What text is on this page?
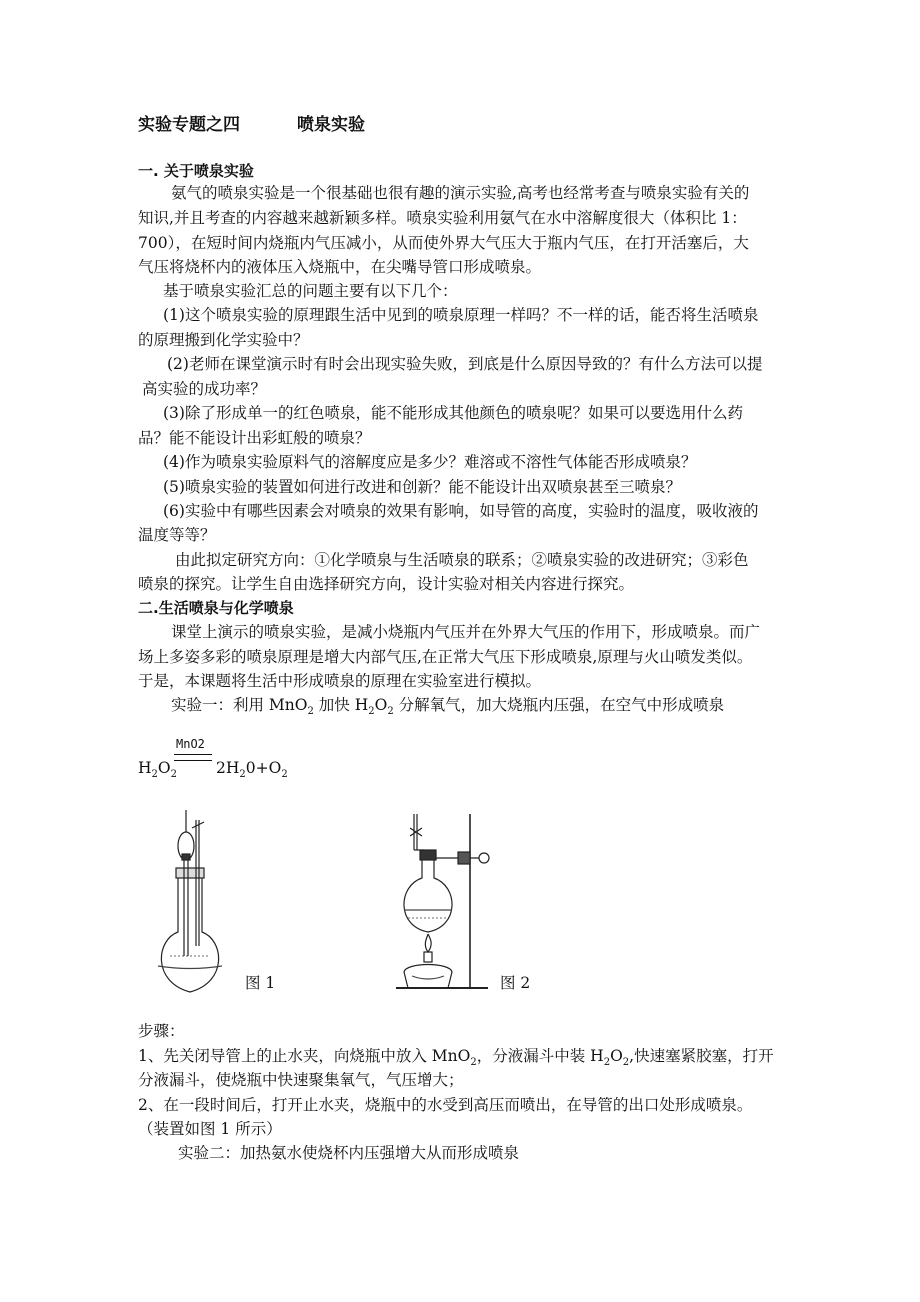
实验专题之四	喷泉实验
一. 关于喷泉实验
氨气的喷泉实验是一个很基础也很有趣的演示实验,高考也经常考查与喷泉实验有关的
知识,并且考查的内容越来越新颖多样。喷泉实验利用氨气在水中溶解度很大（体积比 1：
700），在短时间内烧瓶内气压减小，从而使外界大气压大于瓶内气压，在打开活塞后，大
气压将烧杯内的液体压入烧瓶中，在尖嘴导管口形成喷泉。
基于喷泉实验汇总的问题主要有以下几个：
(1)这个喷泉实验的原理跟生活中见到的喷泉原理一样吗？不一样的话，能否将生活喷泉
的原理搬到化学实验中？
(2)老师在课堂演示时有时会出现实验失败，到底是什么原因导致的？有什么方法可以提
高实验的成功率？
(3)除了形成单一的红色喷泉，能不能形成其他颜色的喷泉呢？如果可以要选用什么药
品？能不能设计出彩虹般的喷泉？
(4)作为喷泉实验原料气的溶解度应是多少？难溶或不溶性气体能否形成喷泉？
(5)喷泉实验的装置如何进行改进和创新？能不能设计出双喷泉甚至三喷泉？
(6)实验中有哪些因素会对喷泉的效果有影响，如导管的高度，实验时的温度，吸收液的
温度等等？
由此拟定研究方向：①化学喷泉与生活喷泉的联系；②喷泉实验的改进研究；③彩色
喷泉的探究。让学生自由选择研究方向，设计实验对相关内容进行探究。
二.生活喷泉与化学喷泉
课堂上演示的喷泉实验，是减小烧瓶内气压并在外界大气压的作用下，形成喷泉。而广
场上多姿多彩的喷泉原理是增大内部气压,在正常大气压下形成喷泉,原理与火山喷发类似。
于是，本课题将生活中形成喷泉的原理在实验室进行模拟。
实验一：利用 MnO$_2$ 加快 $H_2O_2$ 分解氧气，加大烧瓶内压强，在空气中形成喷泉
MnO2
$H_2O_2$	$2H_20+O_2$
图 1	图 2
步骤：
1、先关闭导管上的止水夹，向烧瓶中放入 MnO$_2$，分液漏斗中装 $H_2O_2$,快速塞紧胶塞，打开
分液漏斗，使烧瓶中快速聚集氧气，气压增大；
2、在一段时间后，打开止水夹，烧瓶中的水受到高压而喷出，在导管的出口处形成喷泉。
（装置如图 1 所示）
实验二：加热氨水使烧杯内压强增大从而形成喷泉
